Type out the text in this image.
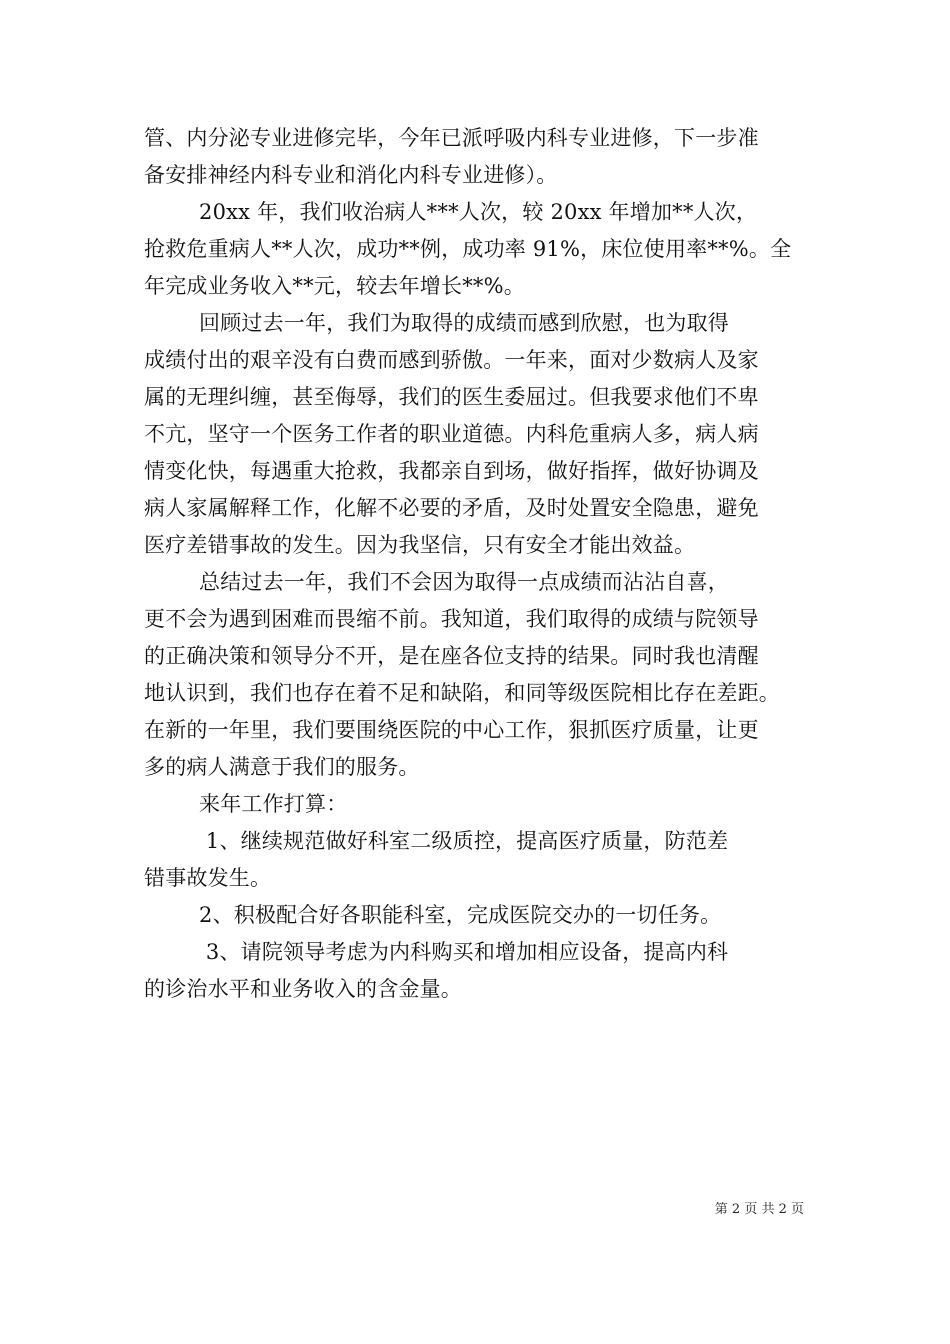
管、内分泌专业进修完毕，今年已派呼吸内科专业进修，下一步准
备安排神经内科专业和消化内科专业进修）。
20xx 年，我们收治病人***人次，较 20xx 年增加**人次，
抢救危重病人**人次，成功**例，成功率 91%，床位使用率**%。全
年完成业务收入**元，较去年增长**%。
回顾过去一年，我们为取得的成绩而感到欣慰，也为取得
成绩付出的艰辛没有白费而感到骄傲。一年来，面对少数病人及家
属的无理纠缠，甚至侮辱，我们的医生委屈过。但我要求他们不卑
不亢，坚守一个医务工作者的职业道德。内科危重病人多，病人病
情变化快，每遇重大抢救，我都亲自到场，做好指挥，做好协调及
病人家属解释工作，化解不必要的矛盾，及时处置安全隐患，避免
医疗差错事故的发生。因为我坚信，只有安全才能出效益。
总结过去一年，我们不会因为取得一点成绩而沾沾自喜，
更不会为遇到困难而畏缩不前。我知道，我们取得的成绩与院领导
的正确决策和领导分不开，是在座各位支持的结果。同时我也清醒
地认识到，我们也存在着不足和缺陷，和同等级医院相比存在差距。
在新的一年里，我们要围绕医院的中心工作，狠抓医疗质量，让更
多的病人满意于我们的服务。
来年工作打算：
1、继续规范做好科室二级质控，提高医疗质量，防范差
错事故发生。
2、积极配合好各职能科室，完成医院交办的一切任务。
3、请院领导考虑为内科购买和增加相应设备，提高内科
的诊治水平和业务收入的含金量。
第 2 页 共 2 页
